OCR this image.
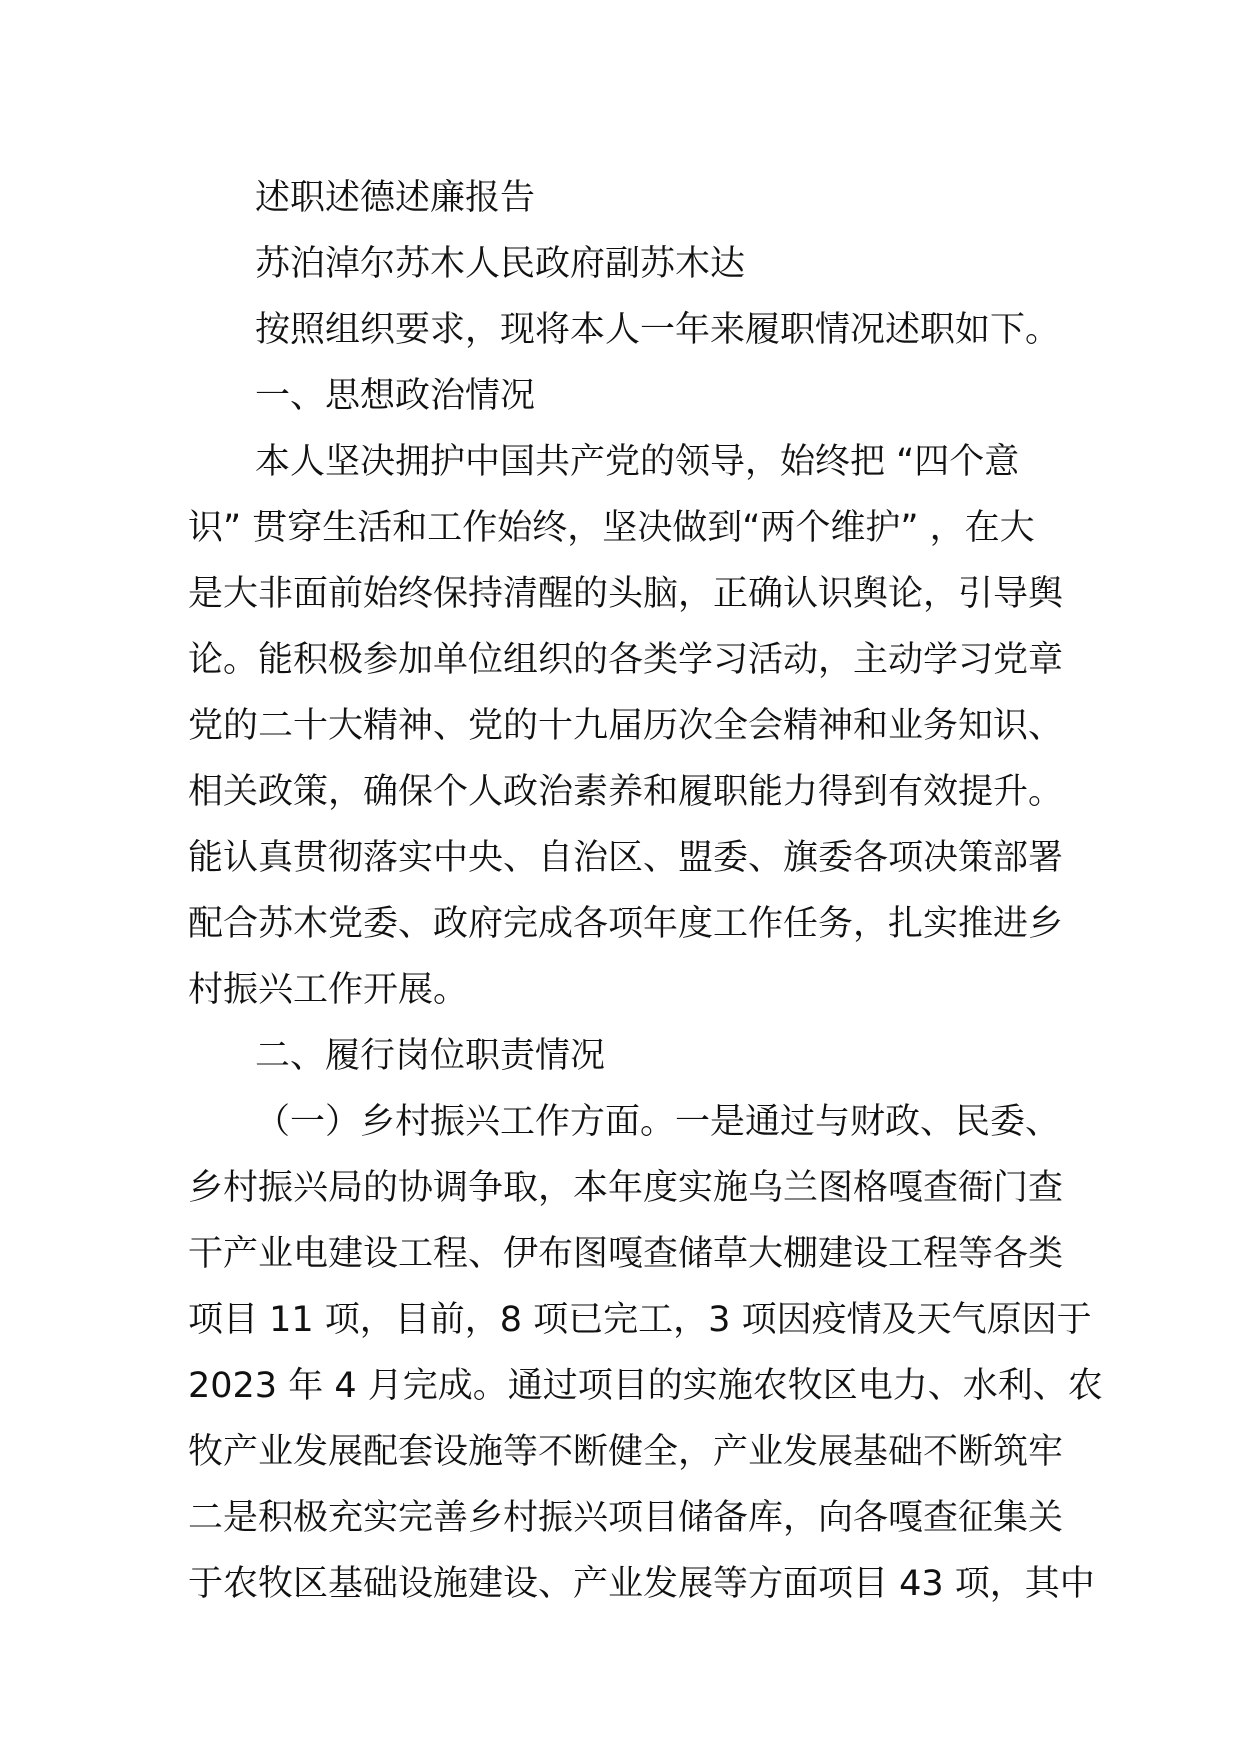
述职述德述廉报告
苏泊淖尔苏木人民政府副苏木达
按照组织要求，现将本人一年来履职情况述职如下。
一、思想政治情况
本人坚决拥护中国共产党的领导，始终把 “四个意
识” 贯穿生活和工作始终，坚决做到“两个维护” ，在大
是大非面前始终保持清醒的头脑，正确认识舆论，引导舆
论。能积极参加单位组织的各类学习活动，主动学习党章
党的二十大精神、党的十九届历次全会精神和业务知识、
相关政策，确保个人政治素养和履职能力得到有效提升。
能认真贯彻落实中央、自治区、盟委、旗委各项决策部署
配合苏木党委、政府完成各项年度工作任务，扎实推进乡
村振兴工作开展。
二、履行岗位职责情况
（一）乡村振兴工作方面。一是通过与财政、民委、
乡村振兴局的协调争取，本年度实施乌兰图格嘎查衙门查
干产业电建设工程、伊布图嘎查储草大棚建设工程等各类
项目 11 项，目前，8 项已完工，3 项因疫情及天气原因于
2023 年 4 月完成。通过项目的实施农牧区电力、水利、农
牧产业发展配套设施等不断健全，产业发展基础不断筑牢
二是积极充实完善乡村振兴项目储备库，向各嘎查征集关
于农牧区基础设施建设、产业发展等方面项目 43 项，其中
